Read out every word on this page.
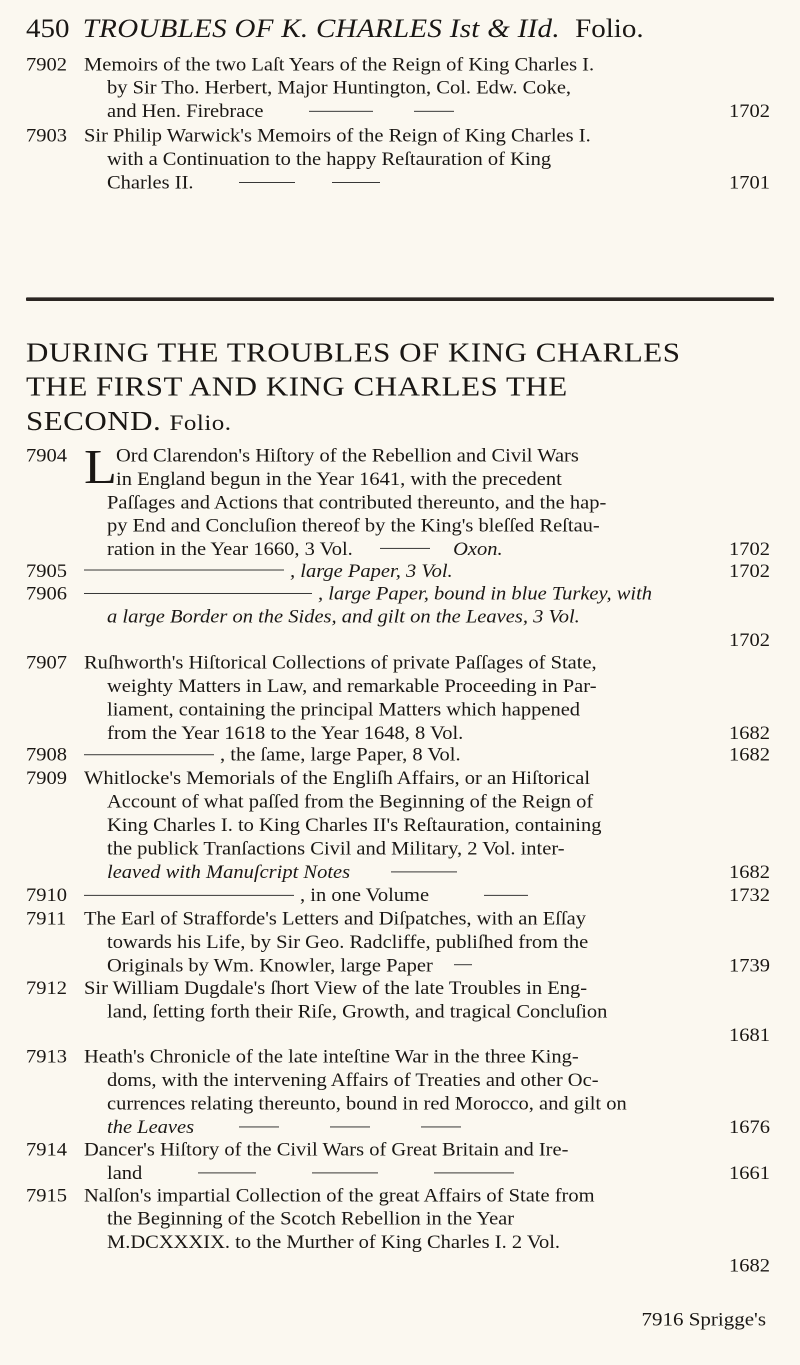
450 TROUBLES OF K. CHARLES Ist & IId. Folio.
7902 Memoirs of the two Laſt Years of the Reign of King Charles I.
by Sir Tho. Herbert, Major Huntington, Col. Edw. Coke,
and Hen. Firebrace	1702
7903 Sir Philip Warwick's Memoirs of the Reign of King Charles I.
with a Continuation to the happy Reſtauration of King
Charles II.	1701
DURING THE TROUBLES OF KING CHARLES
THE FIRST AND KING CHARLES THE
SECOND. Folio.
7904 L Ord Clarendon's Hiſtory of the Rebellion and Civil Wars
in England begun in the Year 1641, with the precedent
Paſſages and Actions that contributed thereunto, and the hap-
py End and Concluſion thereof by the King's bleſſed Reſtau-
ration in the Year 1660, 3 Vol.	Oxon.	1702
7905	, large Paper, 3 Vol.	1702
7906	, large Paper, bound in blue Turkey, with
a large Border on the Sides, and gilt on the Leaves, 3 Vol.
1702
7907 Ruſhworth's Hiſtorical Collections of private Paſſages of State,
weighty Matters in Law, and remarkable Proceeding in Par-
liament, containing the principal Matters which happened
from the Year 1618 to the Year 1648, 8 Vol.	1682
7908	, the ſame, large Paper, 8 Vol.	1682
7909 Whitlocke's Memorials of the Engliſh Affairs, or an Hiſtorical
Account of what paſſed from the Beginning of the Reign of
King Charles I. to King Charles II's Reſtauration, containing
the publick Tranſactions Civil and Military, 2 Vol. inter-
leaved with Manuſcript Notes	1682
7910	, in one Volume	1732
7911 The Earl of Strafforde's Letters and Diſpatches, with an Eſſay
towards his Life, by Sir Geo. Radcliffe, publiſhed from the
Originals by Wm. Knowler, large Paper	1739
7912 Sir William Dugdale's ſhort View of the late Troubles in Eng-
land, ſetting forth their Riſe, Growth, and tragical Concluſion
1681
7913 Heath's Chronicle of the late inteſtine War in the three King-
doms, with the intervening Affairs of Treaties and other Oc-
currences relating thereunto, bound in red Morocco, and gilt on
the Leaves	1676
7914 Dancer's Hiſtory of the Civil Wars of Great Britain and Ire-
land	1661
7915 Nalſon's impartial Collection of the great Affairs of State from
the Beginning of the Scotch Rebellion in the Year
M.DCXXXIX. to the Murther of King Charles I. 2 Vol.
1682
7916 Sprigge's
